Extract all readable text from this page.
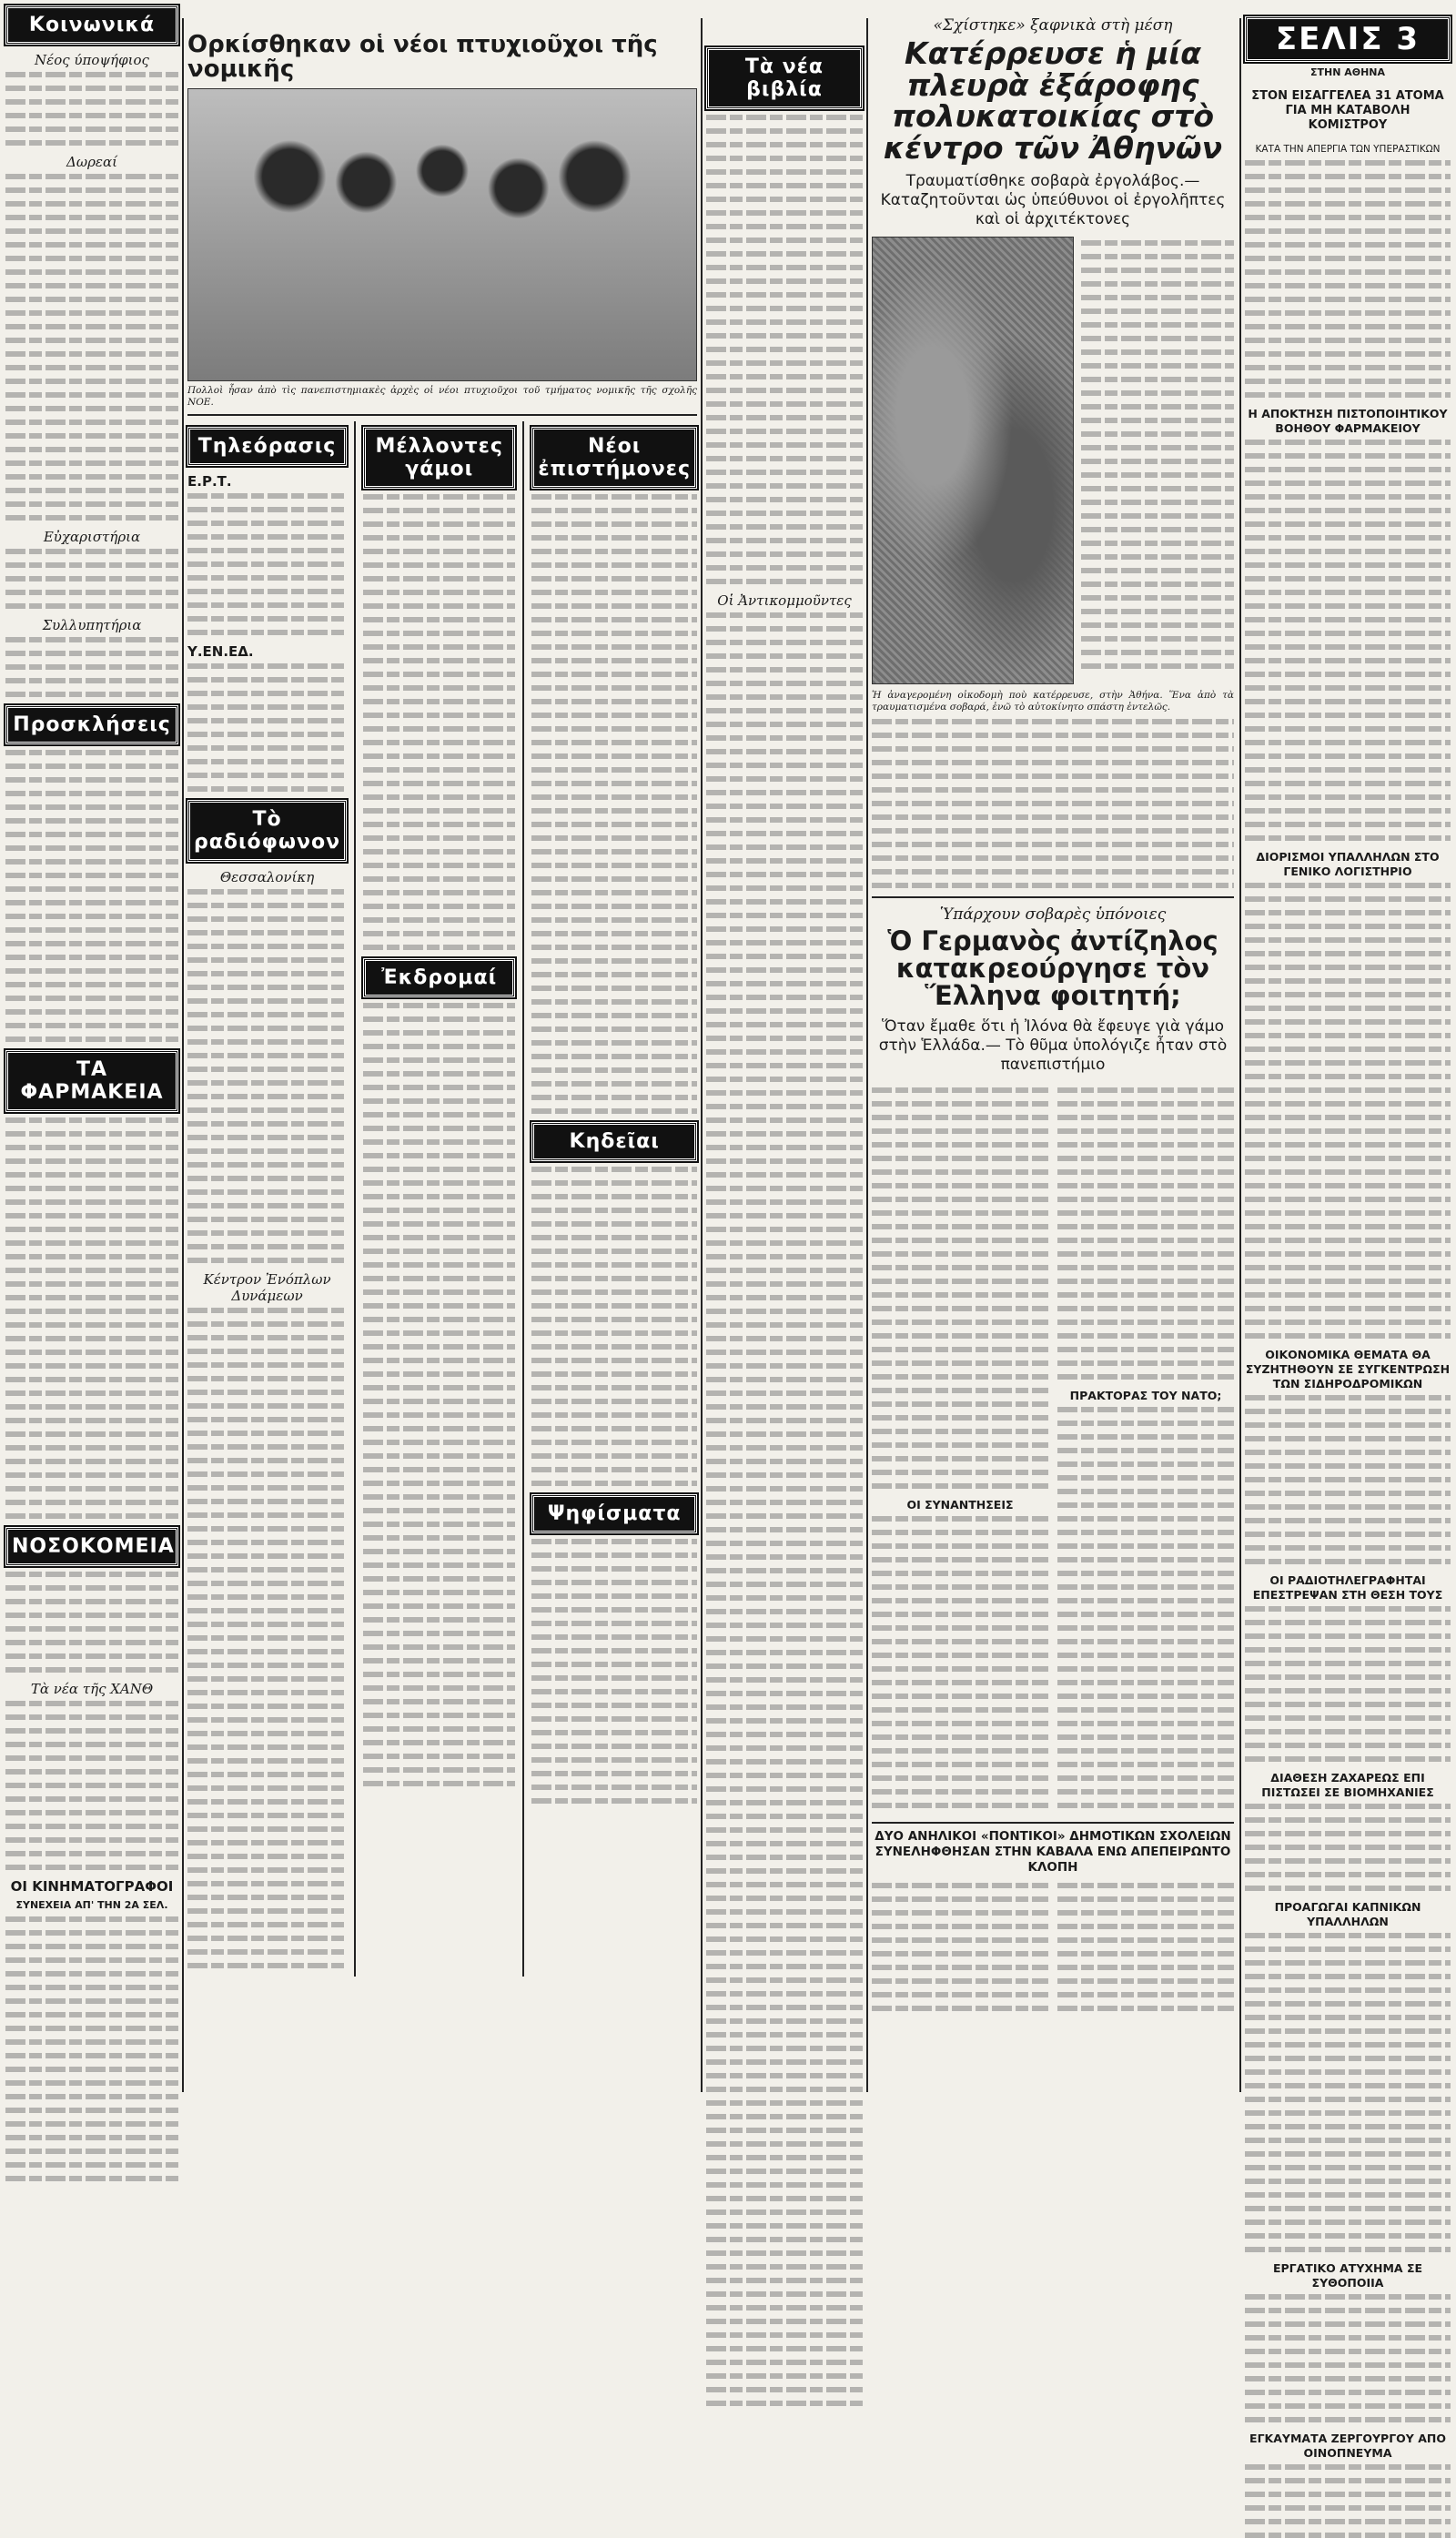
Κοινωνικά
Νέος ύποψήφιος
Δωρεαί
Εὐχαριστήρια
Συλλυπητήρια
Προσκλήσεις
ΤΑ ΦΑΡΜΑΚΕΙΑ
ΝΟΣΟΚΟΜΕΙΑ
Τὰ νέα τῆς ΧΑΝΘ
ΟΙ ΚΙΝΗΜΑΤΟΓΡΑΦΟΙ
ΣΥΝΕΧΕΙΑ ΑΠ' ΤΗΝ 2Α ΣΕΛ.
Ορκίσθηκαν οἱ νέοι πτυχιοῦχοι τῆς νομικῆς
Πολλοὶ ἦσαν ἀπὸ τὶς πανεπιστημιακὲς ἀρχὲς οἱ νέοι πτυχιοῦχοι τοῦ τμήματος νομικῆς τῆς σχολῆς ΝΟΕ.
Τηλεόρασις
Ε.Ρ.Τ.
Υ.ΕΝ.ΕΔ.
Τὸ ραδιόφωνον
Θεσσαλονίκη
Κέντρον Ἐνόπλων Δυνάμεων
Μέλλοντες γάμοι
Ἐκδρομαί
Νέοι ἐπιστήμονες
Κηδεῖαι
Ψηφίσματα
Τὰ νέα βιβλία
Οἱ Ἀντικομμοῦντες
«Σχίστηκε» ξαφνικὰ στὴ μέση
Κατέρρευσε ἡ μία πλευρὰ ἐξάροφης πολυκατοικίας στὸ κέντρο τῶν Ἀθηνῶν
Τραυματίσθηκε σοβαρὰ ἐργολάβος.— Καταζητοῦνται ὡς ὑπεύθυνοι οἱ ἐργολῆπτες καὶ οἱ ἀρχιτέκτονες
Ἡ ἀναγερομένη οἰκοδομὴ ποὺ κατέρρευσε, στὴν Ἀθήνα. Ἕνα ἀπὸ τὰ τραυματισμένα σοβαρά, ἐνῶ τὸ αὐτοκίνητο σπάστη ἐντελῶς.
Ὑπάρχουν σοβαρὲς ὑπόνοιες
Ὁ Γερμανὸς ἀντίζηλος κατακρεούργησε τὸν Ἕλληνα φοιτητή;
Ὅταν ἔμαθε ὅτι ἡ Ἰλόνα θὰ ἔφευγε γιὰ γάμο στὴν Ἑλλάδα.— Τὸ θῦμα ὑπολόγιζε ἦταν στὸ πανεπιστήμιο
ΟΙ ΣΥΝΑΝΤΗΣΕΙΣ
ΠΡΑΚΤΟΡΑΣ ΤΟΥ ΝΑΤΟ;
ΔΥΟ ΑΝΗΛΙΚΟΙ «ΠΟΝΤΙΚΟΙ» ΔΗΜΟΤΙΚΩΝ ΣΧΟΛΕΙΩΝ ΣΥΝΕΛΗΦΘΗΣΑΝ ΣΤΗΝ ΚΑΒΑΛΑ ΕΝΩ ΑΠΕΠΕΙΡΩΝΤΟ ΚΛΟΠΗ
ΣΕΛΙΣ 3
ΣΤΗΝ ΑΘΗΝΑ
ΣΤΟΝ ΕΙΣΑΓΓΕΛΕΑ 31 ΑΤΟΜΑ ΓΙΑ ΜΗ ΚΑΤΑΒΟΛΗ ΚΟΜΙΣΤΡΟΥ
ΚΑΤΑ ΤΗΝ ΑΠΕΡΓΙΑ ΤΩΝ ΥΠΕΡΑΣΤΙΚΩΝ
Η ΑΠΟΚΤΗΣΗ ΠΙΣΤΟΠΟΙΗΤΙΚΟΥ ΒΟΗΘΟΥ ΦΑΡΜΑΚΕΙΟΥ
ΔΙΟΡΙΣΜΟΙ ΥΠΑΛΛΗΛΩΝ ΣΤΟ ΓΕΝΙΚΟ ΛΟΓΙΣΤΗΡΙΟ
ΟΙΚΟΝΟΜΙΚΑ ΘΕΜΑΤΑ ΘΑ ΣΥΖΗΤΗΘΟΥΝ ΣΕ ΣΥΓΚΕΝΤΡΩΣΗ ΤΩΝ ΣΙΔΗΡΟΔΡΟΜΙΚΩΝ
ΟΙ ΡΑΔΙΟΤΗΛΕΓΡΑΦΗΤΑΙ ΕΠΕΣΤΡΕΨΑΝ ΣΤΗ ΘΕΣΗ ΤΟΥΣ
ΔΙΑΘΕΣΗ ΖΑΧΑΡΕΩΣ ΕΠΙ ΠΙΣΤΩΣΕΙ ΣΕ ΒΙΟΜΗΧΑΝΙΕΣ
ΠΡΟΑΓΩΓΑΙ ΚΑΠΝΙΚΩΝ ΥΠΑΛΛΗΛΩΝ
ΕΡΓΑΤΙΚΟ ΑΤΥΧΗΜΑ ΣΕ ΣΥΘΟΠΟΙΙΑ
ΕΓΚΑΥΜΑΤΑ ΖΕΡΓΟΥΡΓΟΥ ΑΠΟ ΟΙΝΟΠΝΕΥΜΑ
